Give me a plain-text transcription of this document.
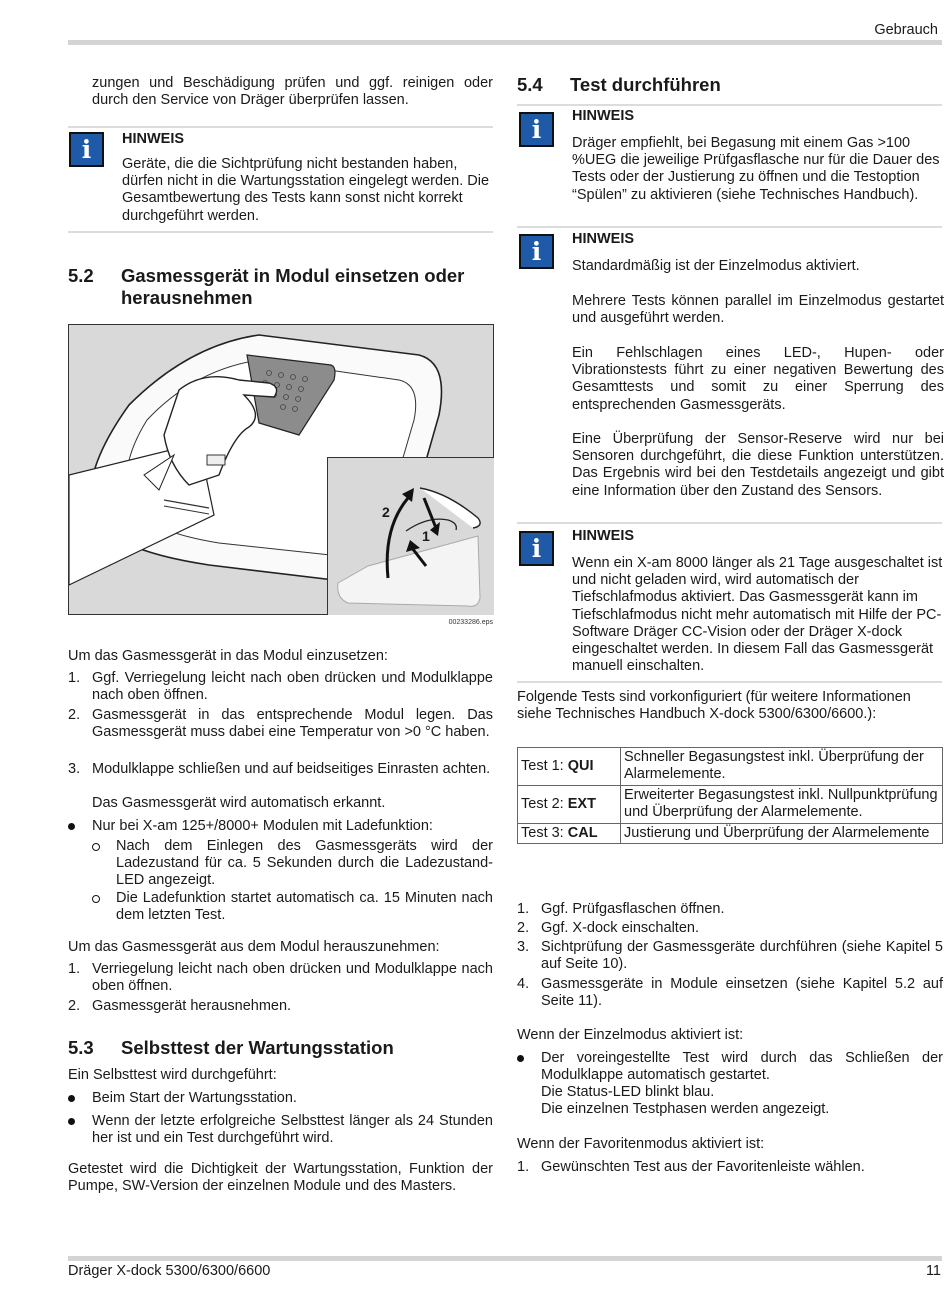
Gebrauch
zungen und Beschädigung prüfen und ggf. reinigen oder durch den Service von Dräger überprüfen lassen.
i	HINWEIS
Geräte, die die Sichtprüfung nicht bestanden haben, dürfen nicht in die Wartungsstation eingelegt werden. Die Gesamtbewertung des Tests kann sonst nicht korrekt durchgeführt werden.
5.2 Gasmessgerät in Modul einsetzen oder
herausnehmen
2
1
00233286.eps
Um das Gasmessgerät in das Modul einzusetzen:
1. Ggf. Verriegelung leicht nach oben drücken und Modulklappe nach oben öffnen.
2. Gasmessgerät in das entsprechende Modul legen. Das Gasmessgerät muss dabei eine Temperatur von >0 °C haben.
3. Modulklappe schließen und auf beidseitiges Einrasten achten.
Das Gasmessgerät wird automatisch erkannt.
Nur bei X-am 125+/8000+ Modulen mit Ladefunktion:
Nach dem Einlegen des Gasmessgeräts wird der Ladezustand für ca. 5 Sekunden durch die Ladezustand-LED angezeigt.
Die Ladefunktion startet automatisch ca. 15 Minuten nach dem letzten Test.
Um das Gasmessgerät aus dem Modul herauszunehmen:
1. Verriegelung leicht nach oben drücken und Modulklappe nach oben öffnen.
2. Gasmessgerät herausnehmen.
5.3 Selbsttest der Wartungsstation
Ein Selbsttest wird durchgeführt:
Beim Start der Wartungsstation.
Wenn der letzte erfolgreiche Selbsttest länger als 24 Stunden her ist und ein Test durchgeführt wird.
Getestet wird die Dichtigkeit der Wartungsstation, Funktion der Pumpe, SW-Version der einzelnen Module und des Masters.
5.4 Test durchführen
i	HINWEIS
Dräger empfiehlt, bei Begasung mit einem Gas >100 %UEG die jeweilige Prüfgasflasche nur für die Dauer des Tests oder der Justierung zu öffnen und die Testoption “Spülen” zu aktivieren (siehe Technisches Handbuch).
i	HINWEIS
Standardmäßig ist der Einzelmodus aktiviert.
Mehrere Tests können parallel im Einzelmodus gestartet und ausgeführt werden.
Ein Fehlschlagen eines LED-, Hupen- oder Vibrationstests führt zu einer negativen Bewertung des Gesamttests und somit zu einer Sperrung des entsprechenden Gasmessgeräts.
Eine Überprüfung der Sensor-Reserve wird nur bei Sensoren durchgeführt, die diese Funktion unterstützen. Das Ergebnis wird bei den Testdetails angezeigt und gibt eine Information über den Zustand des Sensors.
i	HINWEIS
Wenn ein X-am 8000 länger als 21 Tage ausgeschaltet ist und nicht geladen wird, wird automatisch der Tiefschlafmodus aktiviert. Das Gasmessgerät kann im Tiefschlafmodus nicht mehr automatisch mit Hilfe der PC-Software Dräger CC-Vision oder der Dräger X-dock eingeschaltet werden. In diesem Fall das Gasmessgerät manuell einschalten.
Folgende Tests sind vorkonfiguriert (für weitere Informationen siehe Technisches Handbuch X-dock 5300/6300/6600.):
Test 1: QUI	Schneller Begasungstest inkl. Überprüfung der Alarmelemente.
Test 2: EXT	Erweiterter Begasungstest inkl. Nullpunktprüfung und Überprüfung der Alarmelemente.
Test 3: CAL	Justierung und Überprüfung der Alarmelemente
1. Ggf. Prüfgasflaschen öffnen.
2. Ggf. X-dock einschalten.
3. Sichtprüfung der Gasmessgeräte durchführen (siehe Kapitel 5 auf Seite 10).
4. Gasmessgeräte in Module einsetzen (siehe Kapitel 5.2 auf Seite 11).
Wenn der Einzelmodus aktiviert ist:
Der voreingestellte Test wird durch das Schließen der Modulklappe automatisch gestartet.
Die Status-LED blinkt blau.
Die einzelnen Testphasen werden angezeigt.
Wenn der Favoritenmodus aktiviert ist:
1. Gewünschten Test aus der Favoritenleiste wählen.
Dräger X-dock 5300/6300/6600	11
